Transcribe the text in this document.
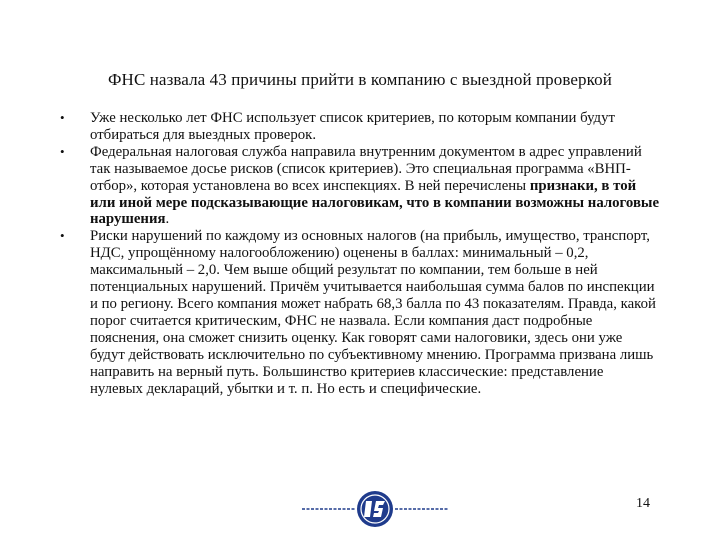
ФНС назвала 43 причины прийти в компанию с выездной проверкой
•	Уже несколько лет ФНС использует список критериев, по которым компании будут отбираться для выездных проверок.
•	Федеральная налоговая служба направила внутренним документом в адрес управлений так называемое досье рисков (список критериев). Это специальная программа «ВНП-отбор», которая установлена во всех инспекциях. В ней перечислены признаки, в той или иной мере подсказывающие налоговикам, что в компании возможны налоговые нарушения.
•	Риски нарушений по каждому из основных налогов (на прибыль, имущество, транспорт, НДС, упрощённому налогообложению) оценены в баллах: минимальный – 0,2, максимальный – 2,0. Чем выше общий результат по компании, тем больше в ней потенциальных нарушений. Причём учитывается наибольшая сумма балов по инспекции и по региону. Всего компания может набрать 68,3 балла по 43 показателям. Правда, какой порог считается критическим, ФНС не назвала. Если компания даст подробные пояснения, она сможет снизить оценку. Как говорят сами налоговики, здесь они уже будут действовать исключительно по субъективному мнению. Программа призвана лишь направить на верный путь. Большинство критериев классические: представление нулевых деклараций, убытки и т. п. Но есть и специфические.
14
